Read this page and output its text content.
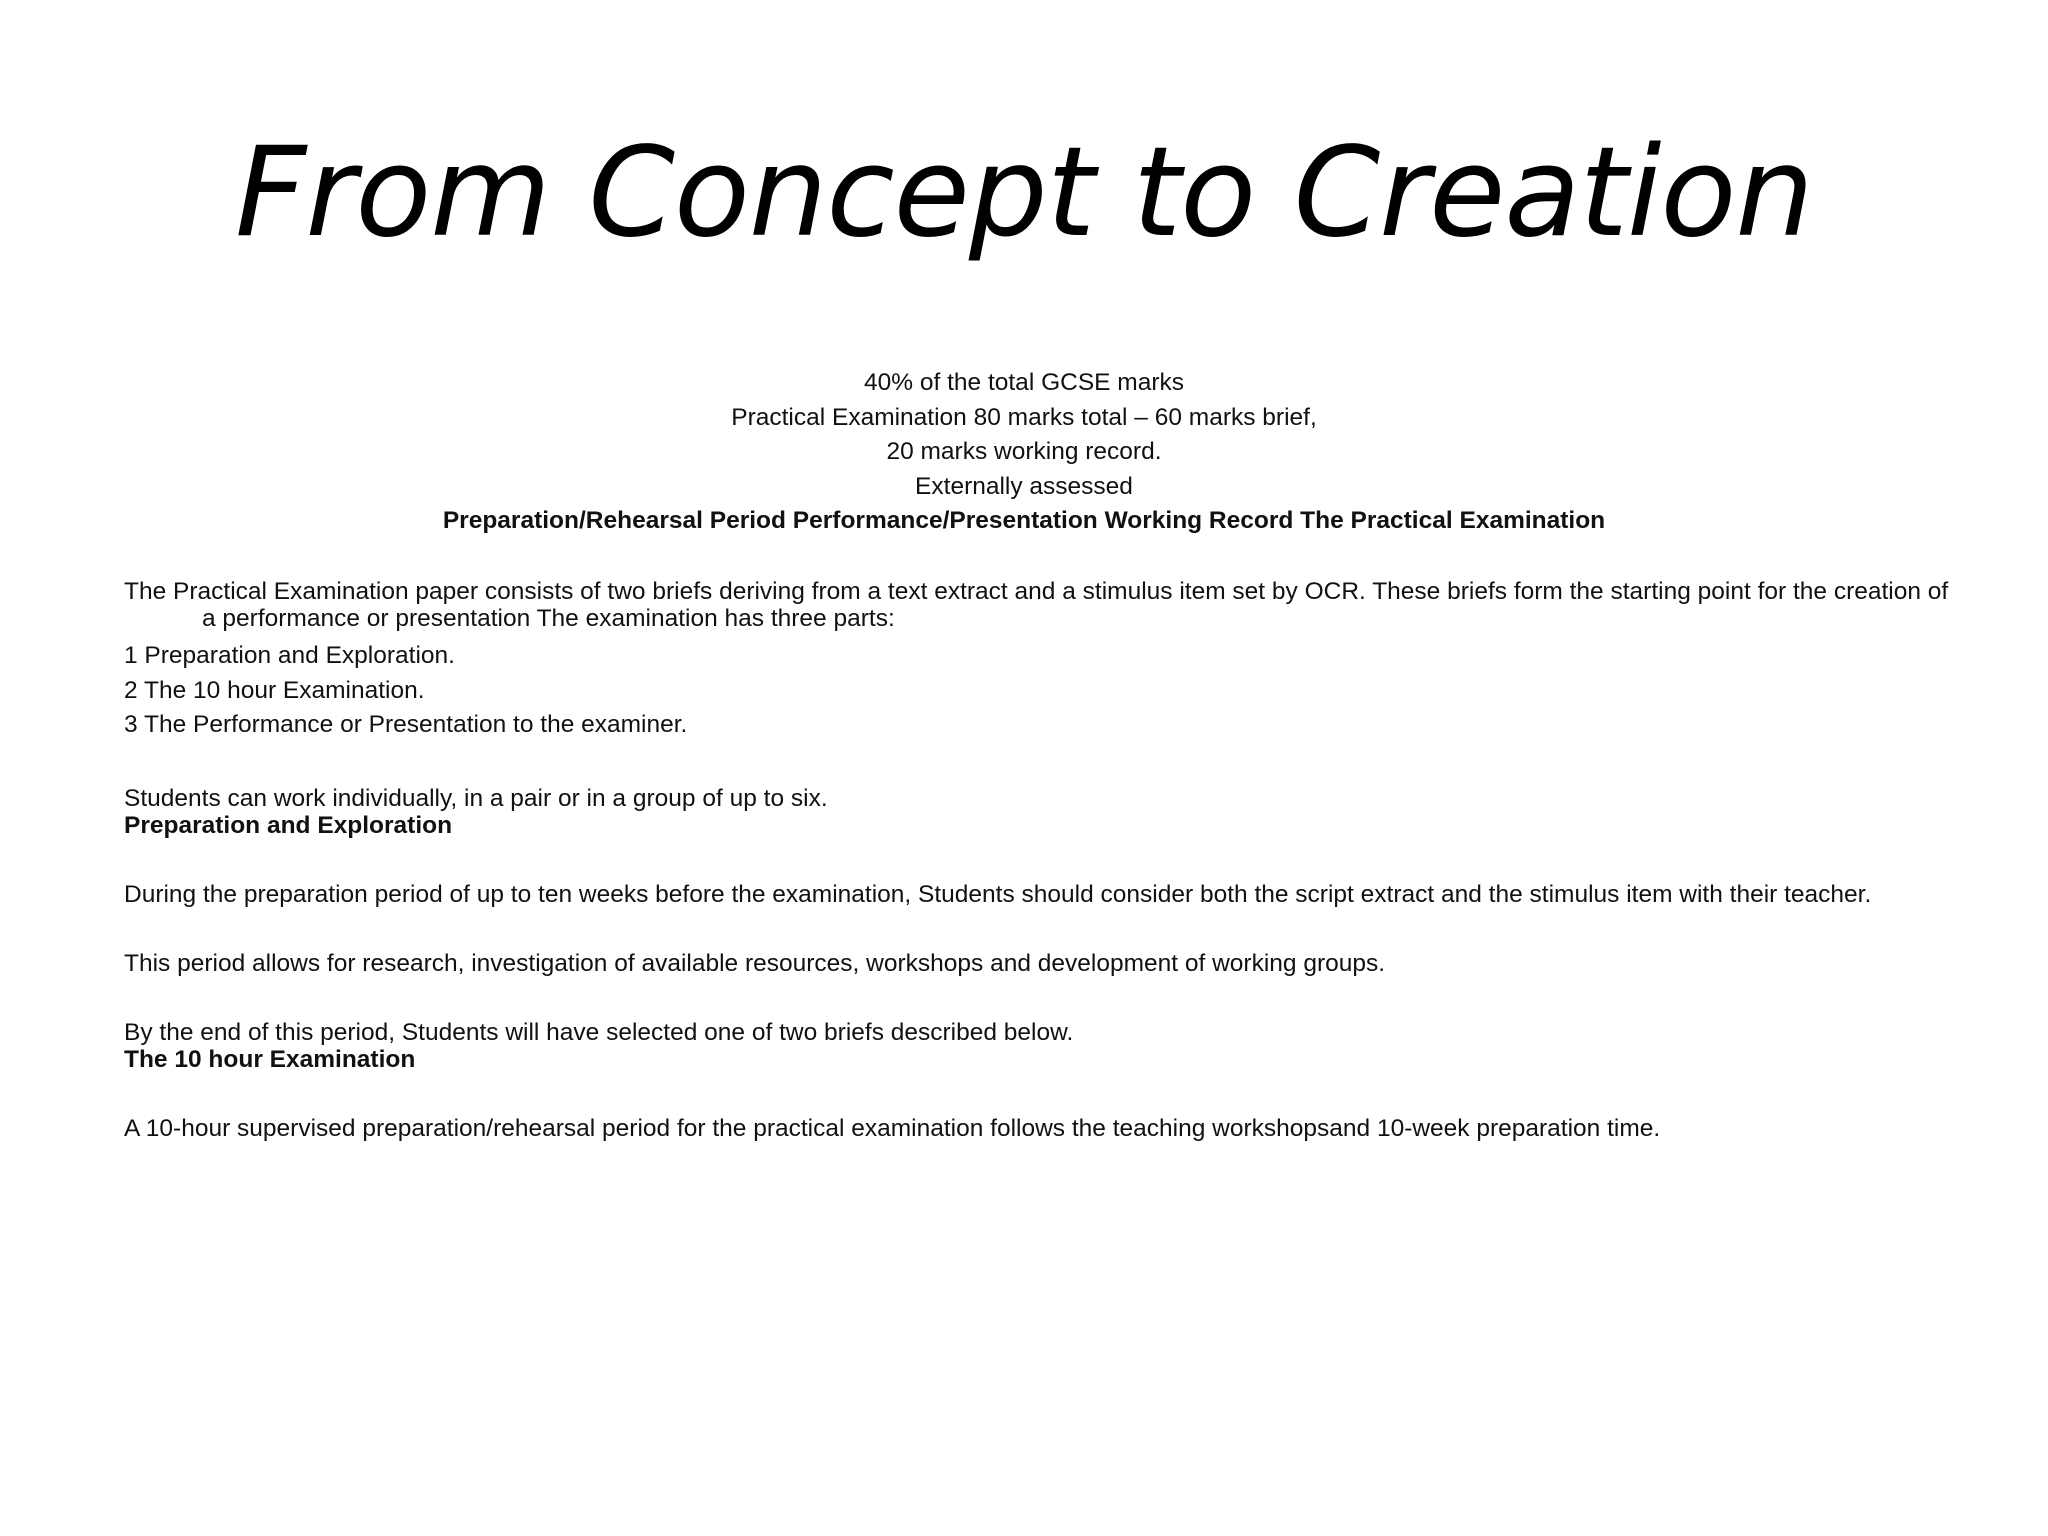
From Concept to Creation
40% of the total GCSE marks
Practical Examination 80 marks total – 60 marks brief,
20 marks working record.
Externally assessed
Preparation/Rehearsal Period Performance/Presentation Working Record The Practical Examination

The Practical Examination paper consists of two briefs deriving from a text extract and a stimulus item set by OCR. These briefs form the starting point for the creation of a performance or presentation The examination has three parts:

1 Preparation and Exploration.

2 The 10 hour Examination.

3 The Performance or Presentation to the examiner.

Students can work individually, in a pair or in a group of up to six.

Preparation and Exploration

During the preparation period of up to ten weeks before the examination, Students should consider both the script extract and the stimulus item with their teacher.

This period allows for research, investigation of available resources, workshops and development of working groups.

By the end of this period, Students will have selected one of two briefs described below.

The 10 hour Examination

A 10-hour supervised preparation/rehearsal period for the practical examination follows the teaching workshopsand 10-week preparation time.
